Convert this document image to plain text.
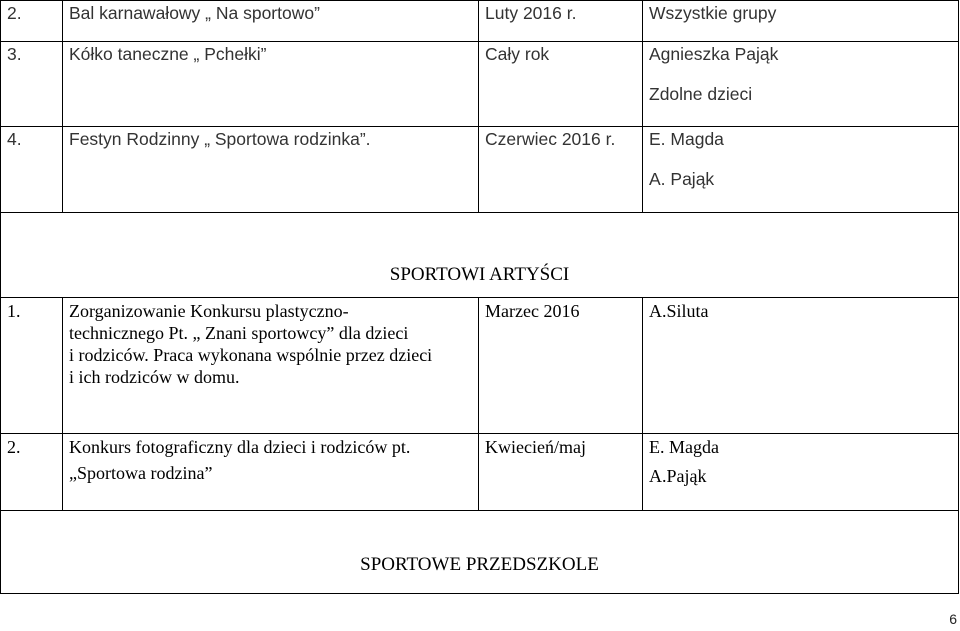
2.	Bal karnawałowy „ Na sportowo”	Luty 2016 r.	Wszystkie grupy

3.	Kółko taneczne „ Pchełki”	Cały rok	Agnieszka Pająk
Zdolne dzieci

4.	Festyn Rodzinny „ Sportowa rodzinka”.	Czerwiec 2016 r.	E. Magda
A. Pająk

SPORTOWI ARTYŚCI			
1.	Zorganizowanie Konkursu plastyczno-
technicznego Pt. „ Znani sportowcy” dla dzieci
i rodziców. Praca wykonana wspólnie przez dzieci
i ich rodziców w domu.	Marzec 2016	A.Siluta

2.	Konkurs fotograficzny dla dzieci i rodziców pt.
„Sportowa rodzina”	Kwiecień/maj	E. Magda
A.Pająk

SPORTOWE PRZEDSZKOLE			
6
